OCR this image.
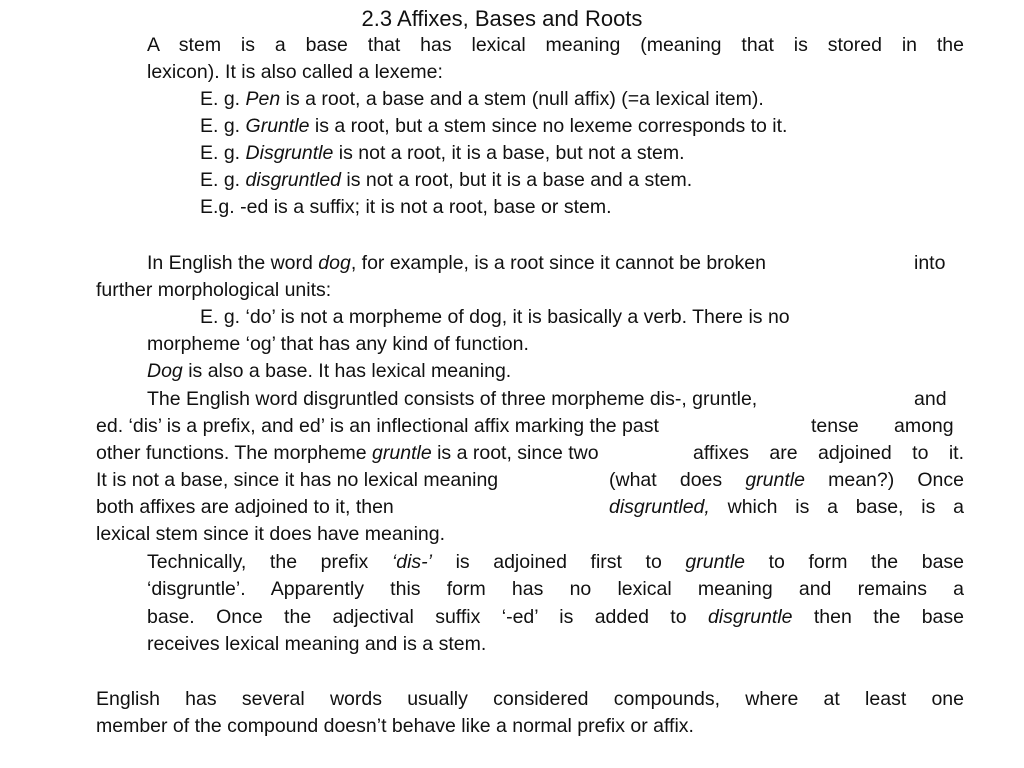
2.3 Affixes, Bases and Roots
A stem is a base that has lexical meaning (meaning that is stored in the
lexicon). It is also called a lexeme:
E. g. Pen is a root, a base and a stem (null affix) (=a lexical item).
E. g. Gruntle is a root, but a stem since no lexeme corresponds to it.
E. g. Disgruntle is not a root, it is a base, but not a stem.
E. g. disgruntled is not a root, but it is a base and a stem.
E.g. -ed is a suffix; it is not a root, base or stem.
In English the word dog, for example, is a root since it cannot be broken	into
further morphological units:
E. g. ‘do’ is not a morpheme of dog, it is basically a verb. There is no
morpheme ‘og’ that has any kind of function.
Dog is also a base. It has lexical meaning.
The English word disgruntled consists of three morpheme dis-, gruntle,	and
ed. ‘dis’ is a prefix, and ed’ is an inflectional affix marking the past	tense among
other functions. The morpheme gruntle is a root, since two	affixes are adjoined to it.
It is not a base, since it has no lexical meaning	(what does gruntle mean?) Once
both affixes are adjoined to it, then	disgruntled, which is a base, is a
lexical stem since it does have meaning.
Technically, the prefix ‘dis-’ is adjoined first to gruntle to form the base
‘disgruntle’. Apparently this form has no lexical meaning and remains a
base. Once the adjectival suffix ‘-ed’ is added to disgruntle then the base
receives lexical meaning and is a stem.
English has several words usually considered compounds, where at least one
member of the compound doesn’t behave like a normal prefix or affix.
